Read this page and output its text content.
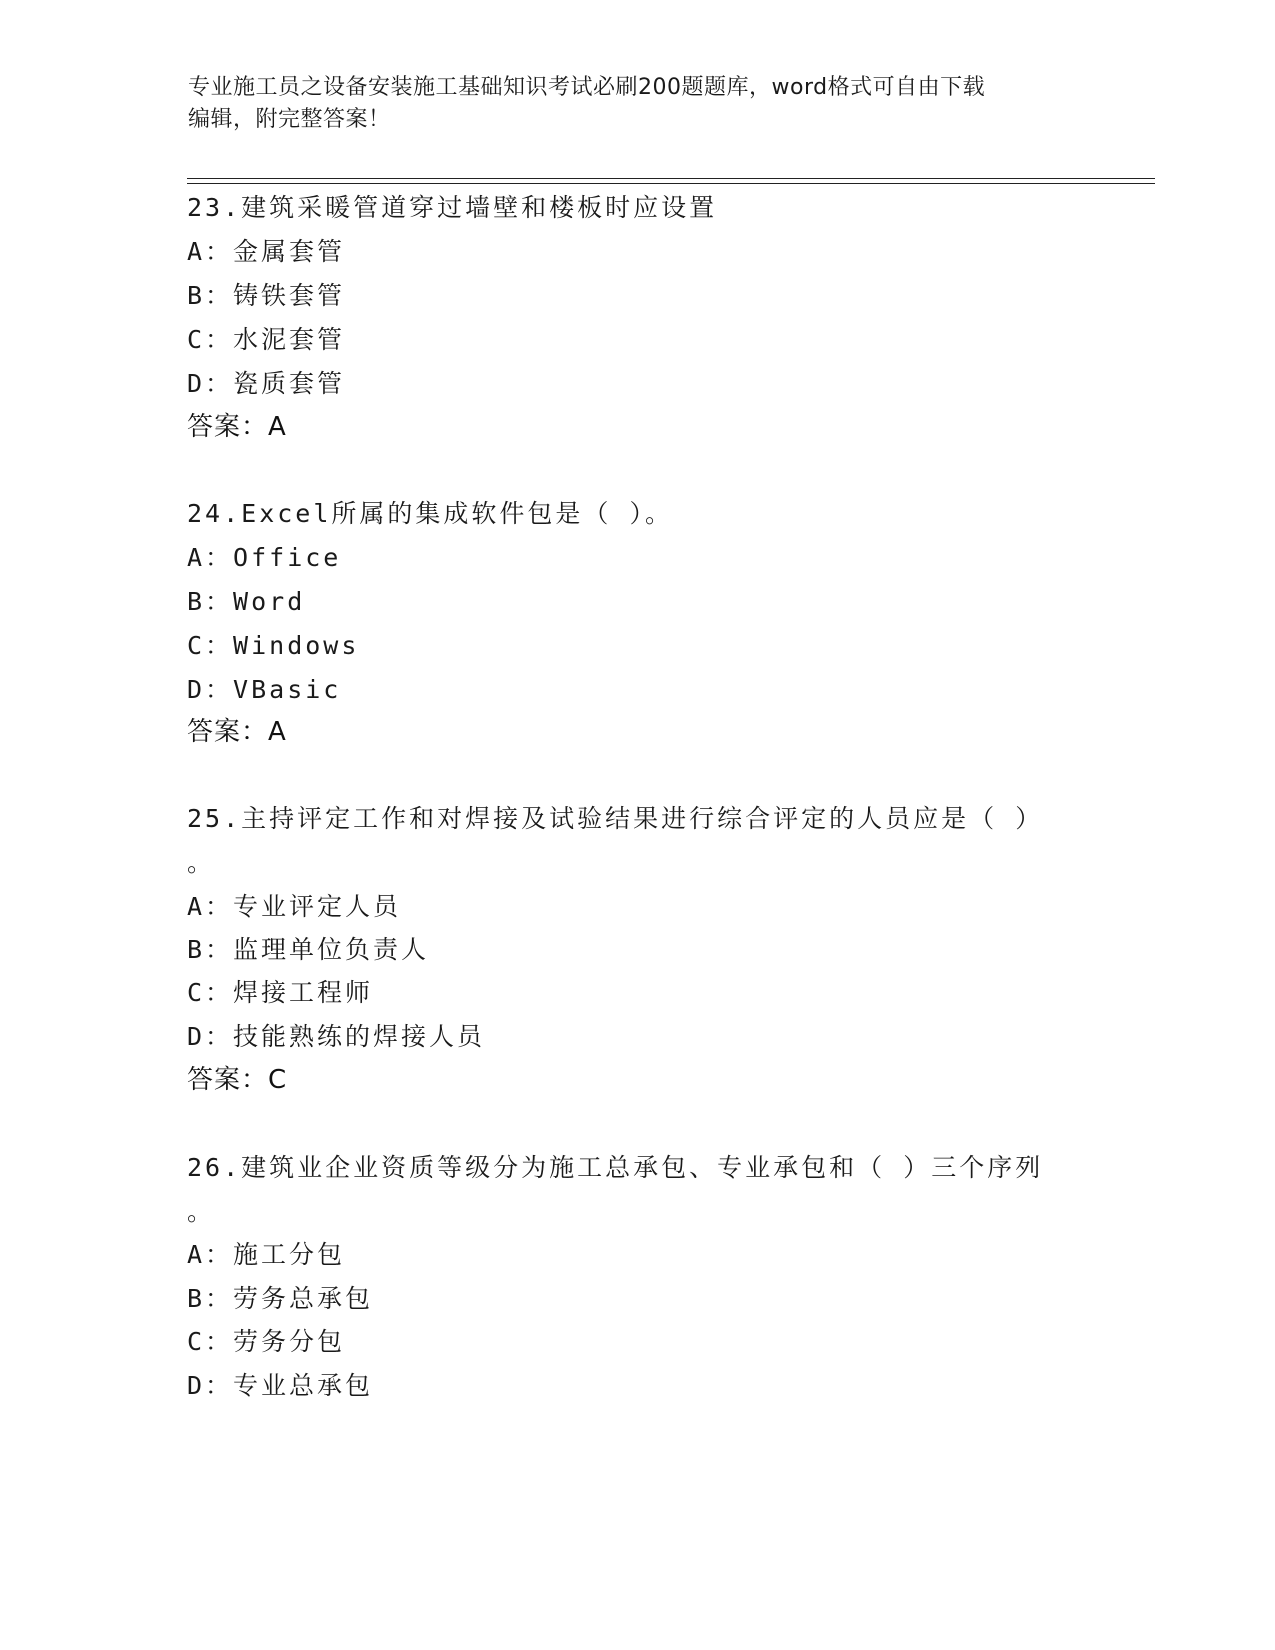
专业施工员之设备安装施工基础知识考试必刷200题题库，word格式可自由下载
编辑，附完整答案！
23.建筑采暖管道穿过墙壁和楼板时应设置
A：金属套管
B：铸铁套管
C：水泥套管
D：瓷质套管
答案：A
24.Excel所属的集成软件包是（ ）。
A：Office
B：Word
C：Windows
D：VBasic
答案：A
25.主持评定工作和对焊接及试验结果进行综合评定的人员应是（ ）
。
A：专业评定人员
B：监理单位负责人
C：焊接工程师
D：技能熟练的焊接人员
答案：C
26.建筑业企业资质等级分为施工总承包、专业承包和（ ）三个序列
。
A：施工分包
B：劳务总承包
C：劳务分包
D：专业总承包
